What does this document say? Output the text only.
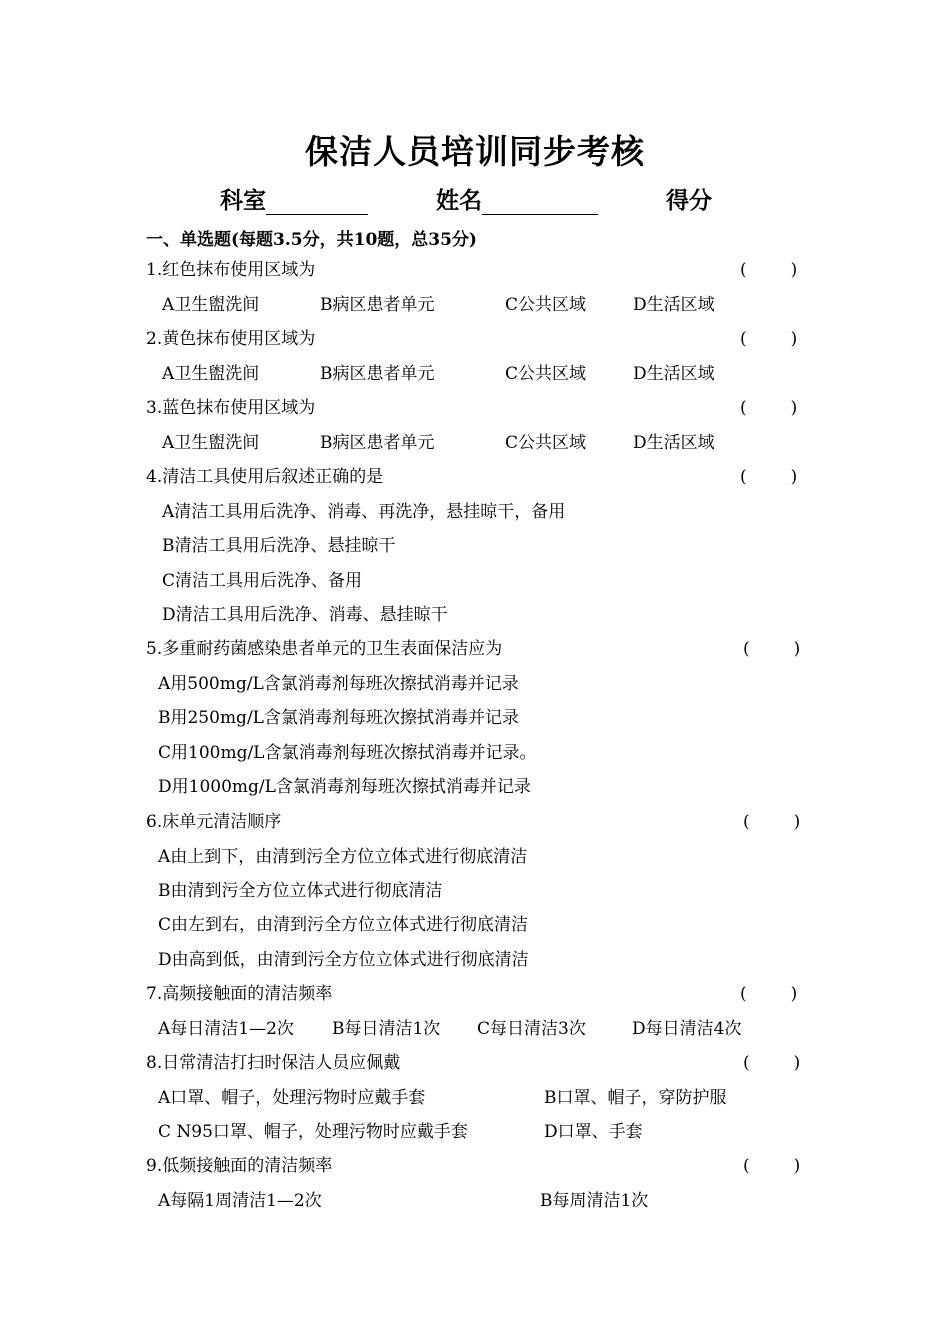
保洁人员培训同步考核
科室	姓名	得分
一、单选题(每题3.5分，共10题，总35分)
1.红色抹布使用区域为	(	)
A卫生盥洗间	B病区患者单元	C公共区域	D生活区域
2.黄色抹布使用区域为	(	)
A卫生盥洗间	B病区患者单元	C公共区域	D生活区域
3.蓝色抹布使用区域为	(	)
A卫生盥洗间	B病区患者单元	C公共区域	D生活区域
4.清洁工具使用后叙述正确的是	(	)
A清洁工具用后洗净、消毒、再洗净，悬挂晾干，备用
B清洁工具用后洗净、悬挂晾干
C清洁工具用后洗净、备用
D清洁工具用后洗净、消毒、悬挂晾干
5.多重耐药菌感染患者单元的卫生表面保洁应为	(	)
A用500mg/L含氯消毒剂每班次擦拭消毒并记录
B用250mg/L含氯消毒剂每班次擦拭消毒并记录
C用100mg/L含氯消毒剂每班次擦拭消毒并记录。
D用1000mg/L含氯消毒剂每班次擦拭消毒并记录
6.床单元清洁顺序	(	)
A由上到下，由清到污全方位立体式进行彻底清洁
B由清到污全方位立体式进行彻底清洁
C由左到右，由清到污全方位立体式进行彻底清洁
D由高到低，由清到污全方位立体式进行彻底清洁
7.高频接触面的清洁频率	(	)
A每日清洁1—2次 B每日清洁1次 C每日清洁3次	D每日清洁4次
8.日常清洁打扫时保洁人员应佩戴	(	)
A口罩、帽子，处理污物时应戴手套	B口罩、帽子，穿防护服
C N95口罩、帽子，处理污物时应戴手套	D口罩、手套
9.低频接触面的清洁频率	(	)
A每隔1周清洁1—2次	B每周清洁1次
